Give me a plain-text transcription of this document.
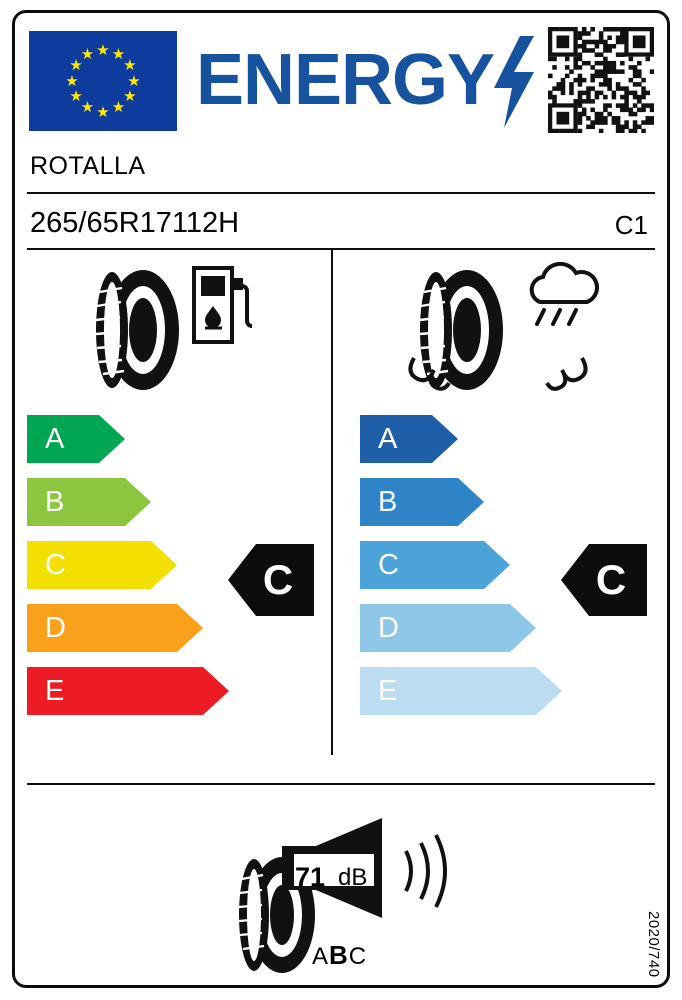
★ ★
★
★
★
★
★
★
★
★
★
★ ENERGY
ROTALLA
265/65R17112H	C1
A
B
C
D
E
A
B
C
D
E
C	C
71 dB
ABC	2020/740
